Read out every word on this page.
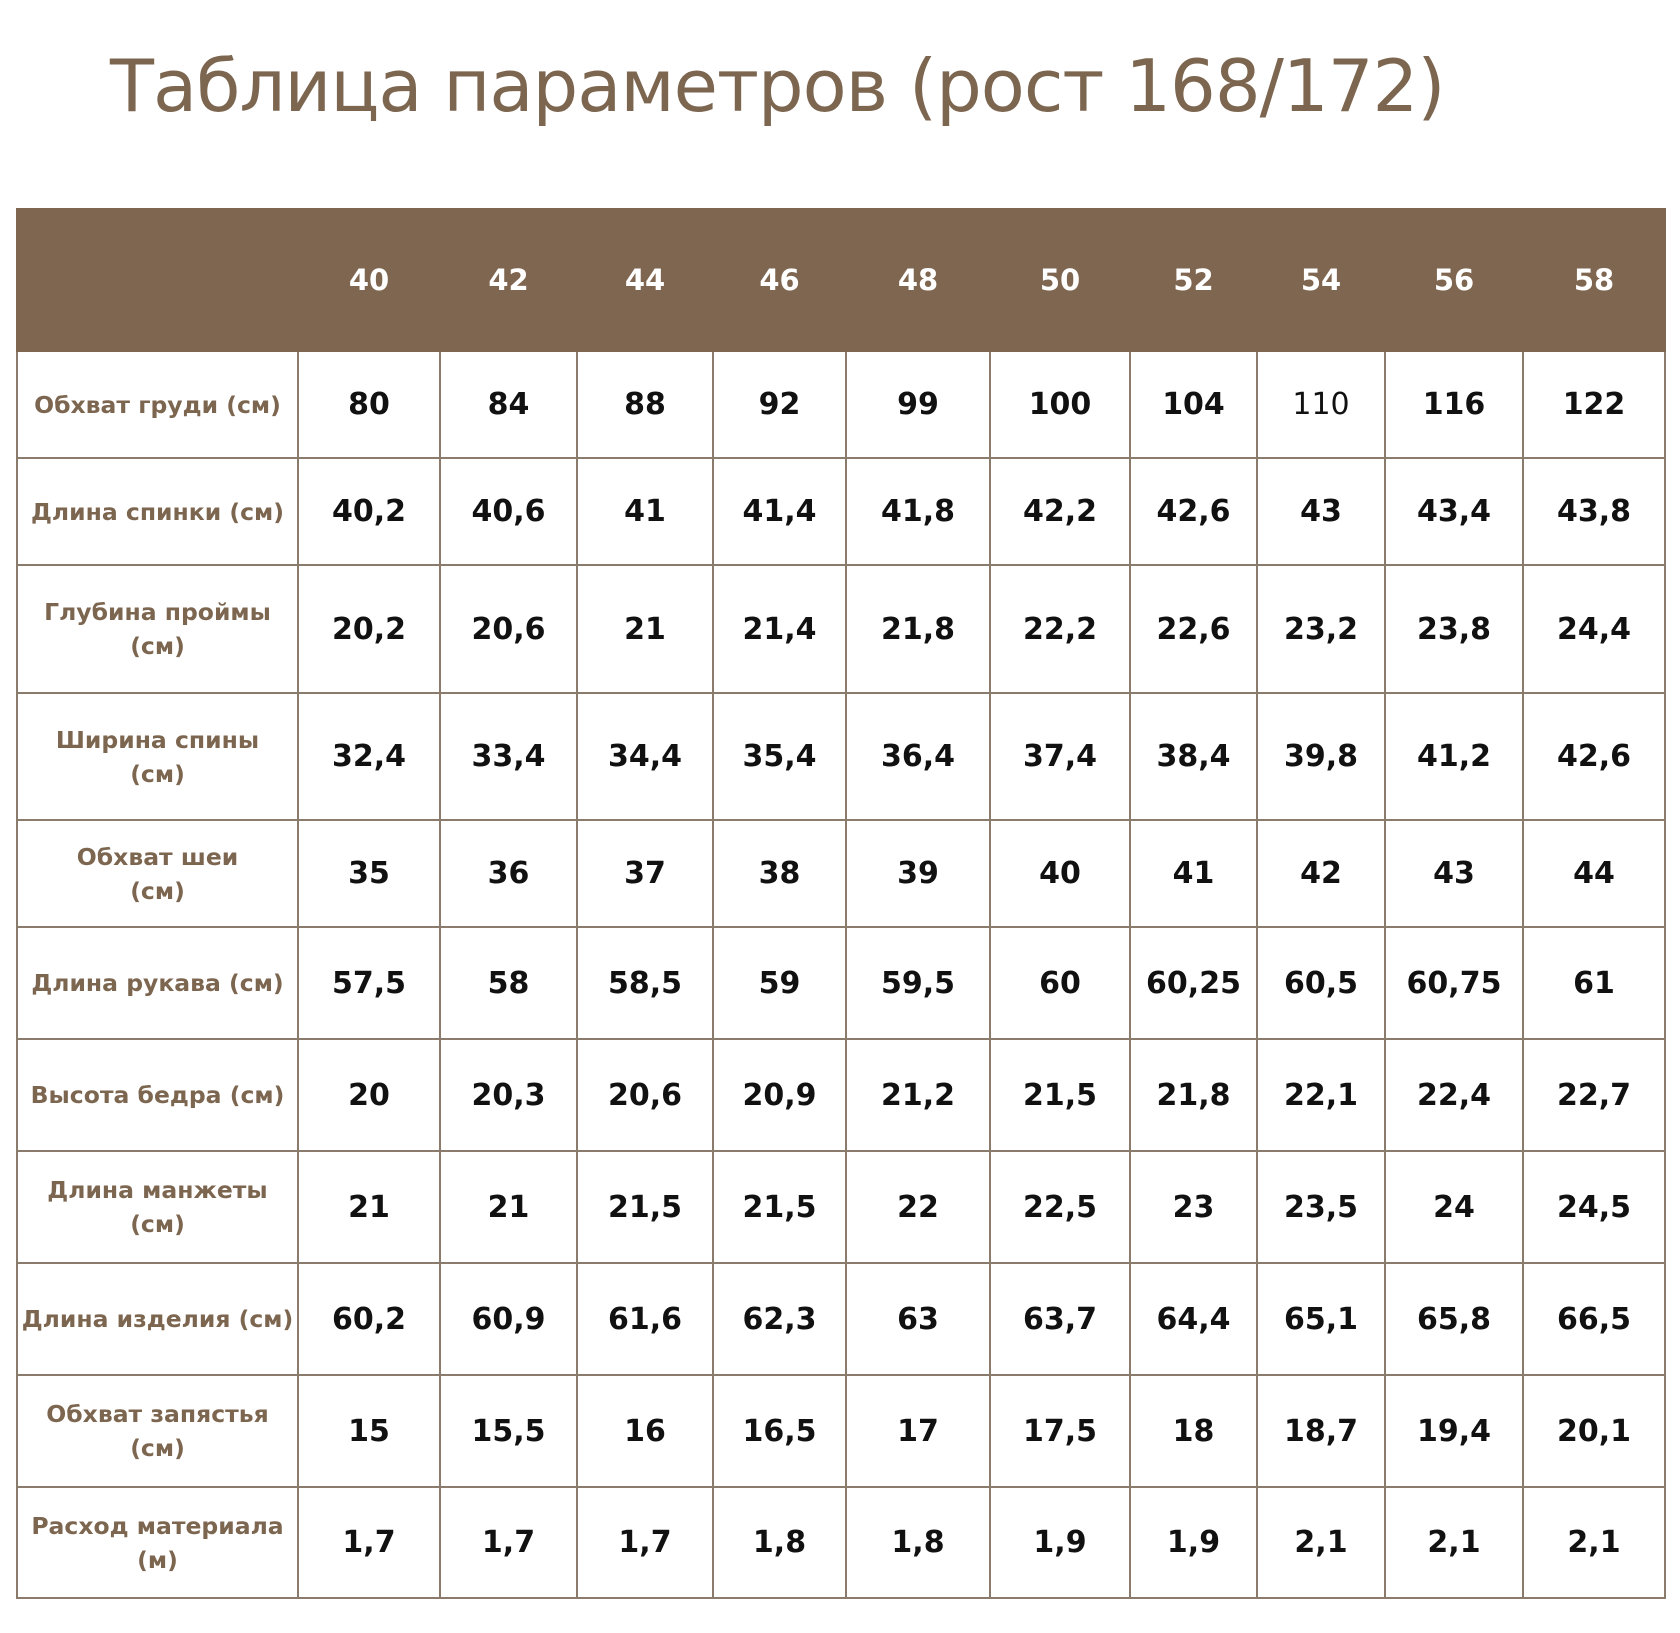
Таблица параметров (рост 168/172)
	40	42	44	46	48	50	52	54	56	58
Обхват груди (см)	80	84	88	92	99	100	104	110	116	122
Длина спинки (см)	40,2	40,6	41	41,4	41,8	42,2	42,6	43	43,4	43,8
Глубина проймы
(см)	20,2	20,6	21	21,4	21,8	22,2	22,6	23,2	23,8	24,4
Ширина спины
(см)	32,4	33,4	34,4	35,4	36,4	37,4	38,4	39,8	41,2	42,6
Обхват шеи
(см)	35	36	37	38	39	40	41	42	43	44
Длина рукава (см)	57,5	58	58,5	59	59,5	60	60,25	60,5	60,75	61
Высота бедра (см)	20	20,3	20,6	20,9	21,2	21,5	21,8	22,1	22,4	22,7
Длина манжеты
(см)	21	21	21,5	21,5	22	22,5	23	23,5	24	24,5
Длина изделия (см)	60,2	60,9	61,6	62,3	63	63,7	64,4	65,1	65,8	66,5
Обхват запястья
(см)	15	15,5	16	16,5	17	17,5	18	18,7	19,4	20,1
Расход материала
(м)	1,7	1,7	1,7	1,8	1,8	1,9	1,9	2,1	2,1	2,1
